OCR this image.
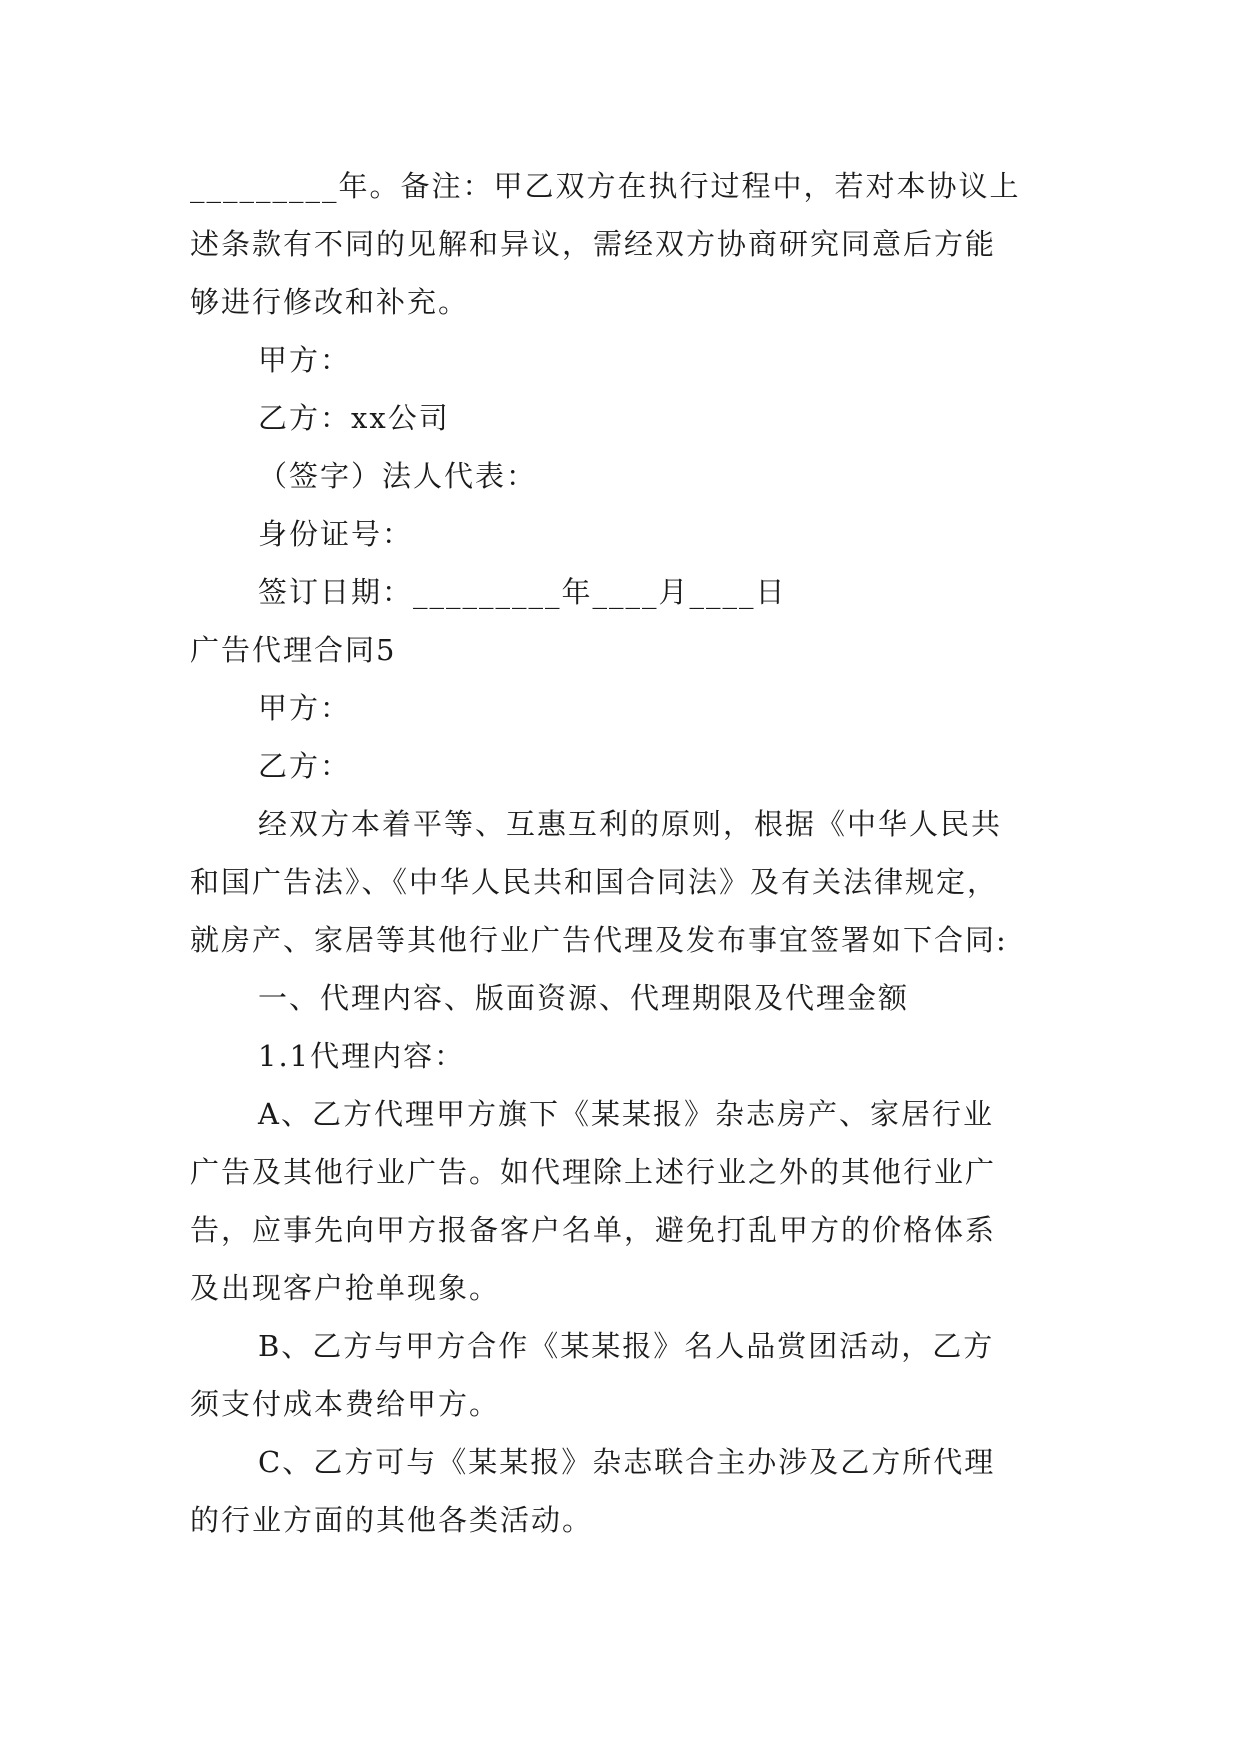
_________年。备注：甲乙双方在执行过程中，若对本协议上
述条款有不同的见解和异议，需经双方协商研究同意后方能
够进行修改和补充。
甲方：
乙方：xx公司
（签字）法人代表：
身份证号：
签订日期：_________年____月____日
广告代理合同5
甲方：
乙方：
经双方本着平等、互惠互利的原则，根据《中华人民共
和国广告法》、《中华人民共和国合同法》及有关法律规定，
就房产、家居等其他行业广告代理及发布事宜签署如下合同:
一、代理内容、版面资源、代理期限及代理金额
1.1代理内容：
A、乙方代理甲方旗下《某某报》杂志房产、家居行业
广告及其他行业广告。如代理除上述行业之外的其他行业广
告，应事先向甲方报备客户名单，避免打乱甲方的价格体系
及出现客户抢单现象。
B、乙方与甲方合作《某某报》名人品赏团活动，乙方
须支付成本费给甲方。
C、乙方可与《某某报》杂志联合主办涉及乙方所代理
的行业方面的其他各类活动。
